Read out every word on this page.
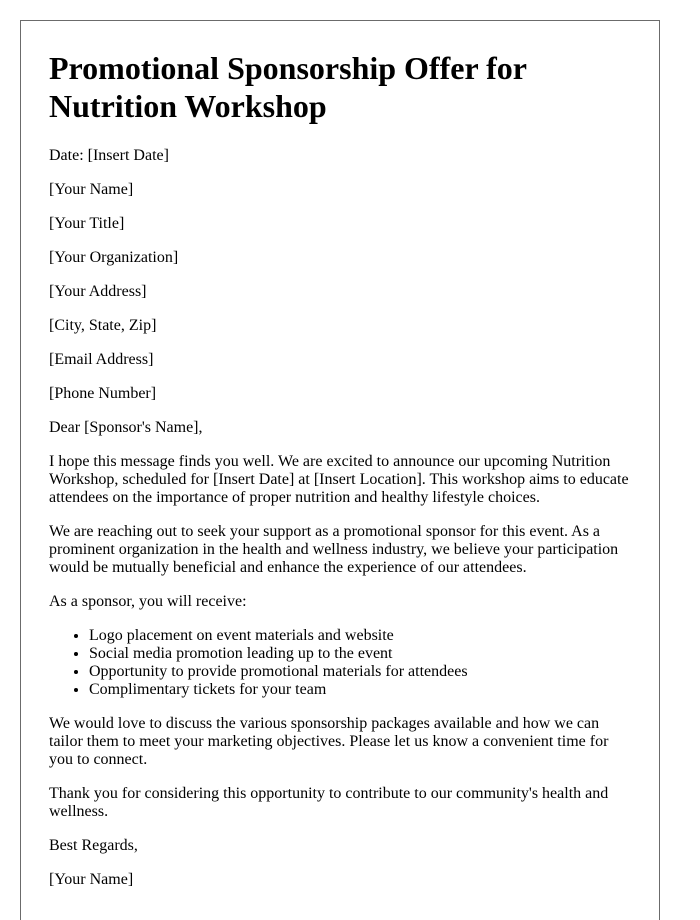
Promotional Sponsorship Offer for Nutrition Workshop

Date: [Insert Date]

[Your Name]

[Your Title]

[Your Organization]

[Your Address]

[City, State, Zip]

[Email Address]

[Phone Number]

Dear [Sponsor's Name],

I hope this message finds you well. We are excited to announce our upcoming Nutrition Workshop, scheduled for [Insert Date] at [Insert Location]. This workshop aims to educate attendees on the importance of proper nutrition and healthy lifestyle choices.

We are reaching out to seek your support as a promotional sponsor for this event. As a prominent organization in the health and wellness industry, we believe your participation would be mutually beneficial and enhance the experience of our attendees.

As a sponsor, you will receive:

• Logo placement on event materials and website
• Social media promotion leading up to the event
• Opportunity to provide promotional materials for attendees
• Complimentary tickets for your team

We would love to discuss the various sponsorship packages available and how we can tailor them to meet your marketing objectives. Please let us know a convenient time for you to connect.

Thank you for considering this opportunity to contribute to our community's health and wellness.

Best Regards,

[Your Name]
